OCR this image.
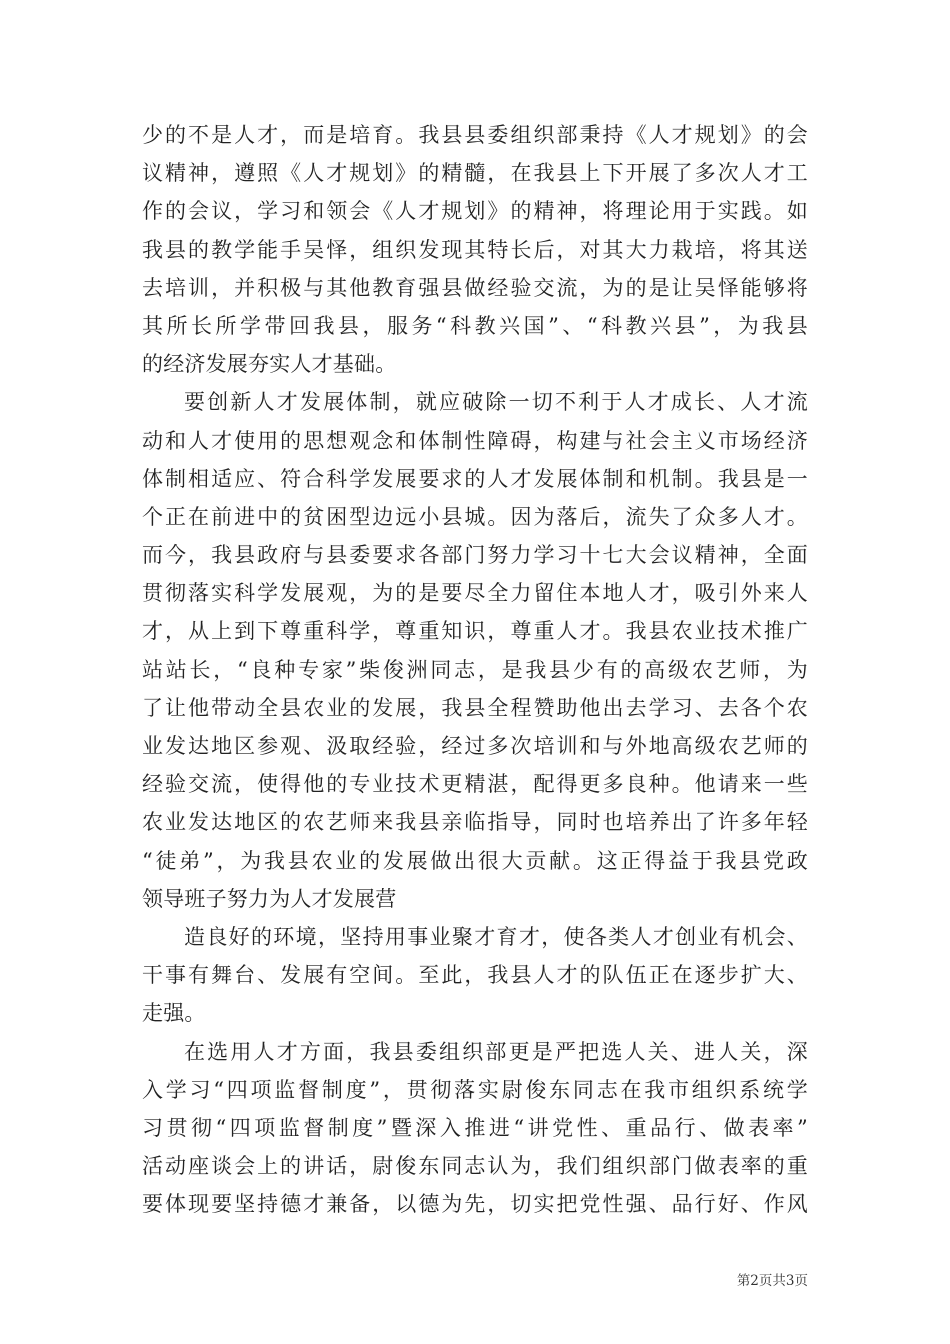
少的不是人才，而是培育。我县县委组织部秉持《人才规划》的会
议精神，遵照《人才规划》的精髓，在我县上下开展了多次人才工
作的会议，学习和领会《人才规划》的精神，将理论用于实践。如
我县的教学能手吴怿，组织发现其特长后，对其大力栽培，将其送
去培训，并积极与其他教育强县做经验交流，为的是让吴怿能够将
其所长所学带回我县，服务“科教兴国”、“科教兴县”，为我县
的经济发展夯实人才基础。
要创新人才发展体制，就应破除一切不利于人才成长、人才流
动和人才使用的思想观念和体制性障碍，构建与社会主义市场经济
体制相适应、符合科学发展要求的人才发展体制和机制。我县是一
个正在前进中的贫困型边远小县城。因为落后，流失了众多人才。
而今，我县政府与县委要求各部门努力学习十七大会议精神，全面
贯彻落实科学发展观，为的是要尽全力留住本地人才，吸引外来人
才，从上到下尊重科学，尊重知识，尊重人才。我县农业技术推广
站站长，“良种专家”柴俊洲同志，是我县少有的高级农艺师，为
了让他带动全县农业的发展，我县全程赞助他出去学习、去各个农
业发达地区参观、汲取经验，经过多次培训和与外地高级农艺师的
经验交流，使得他的专业技术更精湛，配得更多良种。他请来一些
农业发达地区的农艺师来我县亲临指导，同时也培养出了许多年轻
“徒弟”，为我县农业的发展做出很大贡献。这正得益于我县党政
领导班子努力为人才发展营
造良好的环境，坚持用事业聚才育才，使各类人才创业有机会、
干事有舞台、发展有空间。至此，我县人才的队伍正在逐步扩大、
走强。
在选用人才方面，我县委组织部更是严把选人关、进人关，深
入学习“四项监督制度”，贯彻落实尉俊东同志在我市组织系统学
习贯彻“四项监督制度”暨深入推进“讲党性、重品行、做表率”
活动座谈会上的讲话，尉俊东同志认为，我们组织部门做表率的重
要体现要坚持德才兼备，以德为先，切实把党性强、品行好、作风
第2页共3页
